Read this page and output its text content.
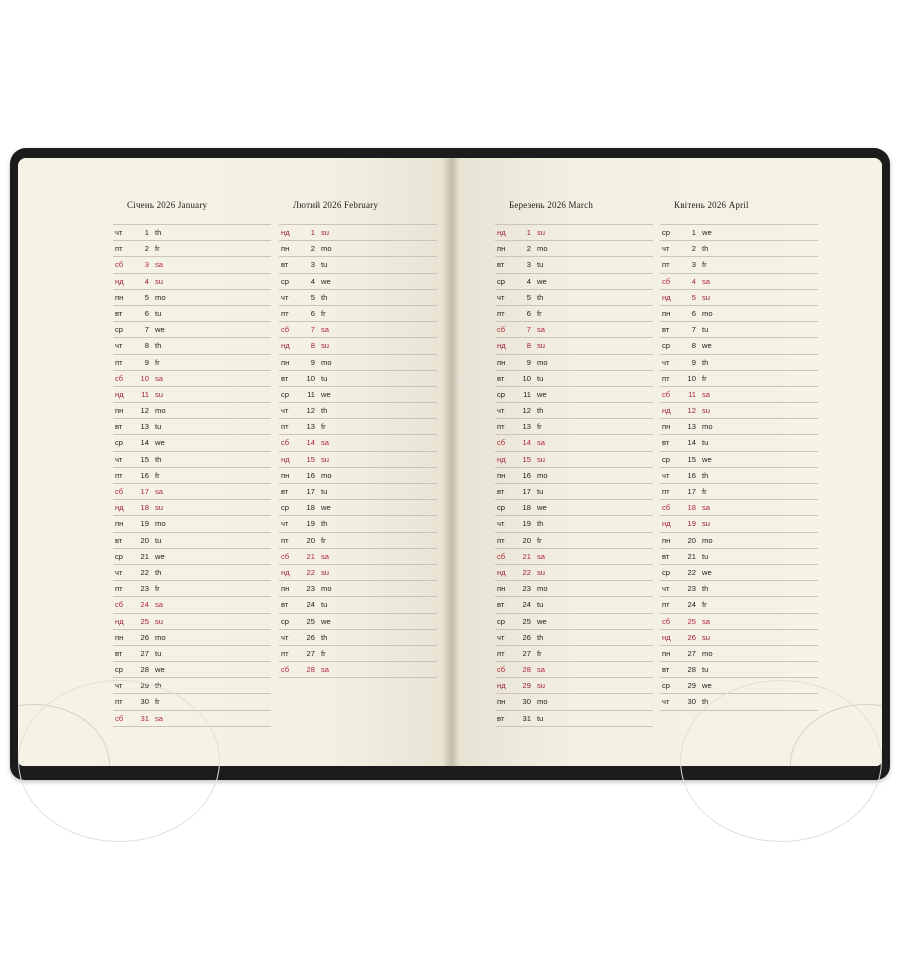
Січень 2026 January
чт	1 th
пт	2 fr
сб	3 sa
нд	4 su
пн	5 mo
вт	6 tu
ср	7 we
чт	8 th
пт	9 fr
сб	10 sa
нд	11 su
пн	12 mo
вт	13 tu
ср	14 we
чт	15 th
пт	16 fr
сб	17 sa
нд	18 su
пн	19 mo
вт	20 tu
ср	21 we
чт	22 th
пт	23 fr
сб	24 sa
нд	25 su
пн	26 mo
вт	27 tu
ср	28 we
чт	29 th
пт	30 fr
сб	31 sa
Лютий 2026 February
нд	1 su
пн	2 mo
вт	3 tu
ср	4 we
чт	5 th
пт	6 fr
сб	7 sa
нд	8 su
пн	9 mo
вт	10 tu
ср	11 we
чт	12 th
пт	13 fr
сб	14 sa
нд	15 su
пн	16 mo
вт	17 tu
ср	18 we
чт	19 th
пт	20 fr
сб	21 sa
нд	22 su
пн	23 mo
вт	24 tu
ср	25 we
чт	26 th
пт	27 fr
сб	28 sa
Березень 2026 March
нд	1 su
пн	2 mo
вт	3 tu
ср	4 we
чт	5 th
пт	6 fr
сб	7 sa
нд	8 su
пн	9 mo
вт	10 tu
ср	11 we
чт	12 th
пт	13 fr
сб	14 sa
нд	15 su
пн	16 mo
вт	17 tu
ср	18 we
чт	19 th
пт	20 fr
сб	21 sa
нд	22 su
пн	23 mo
вт	24 tu
ср	25 we
чт	26 th
пт	27 fr
сб	28 sa
нд	29 su
пн	30 mo
вт	31 tu
Квітень 2026 April
ср	1 we
чт	2 th
пт	3 fr
сб	4 sa
нд	5 su
пн	6 mo
вт	7 tu
ср	8 we
чт	9 th
пт	10 fr
сб	11 sa
нд	12 su
пн	13 mo
вт	14 tu
ср	15 we
чт	16 th
пт	17 fr
сб	18 sa
нд	19 su
пн	20 mo
вт	21 tu
ср	22 we
чт	23 th
пт	24 fr
сб	25 sa
нд	26 su
пн	27 mo
вт	28 tu
ср	29 we
чт	30 th
